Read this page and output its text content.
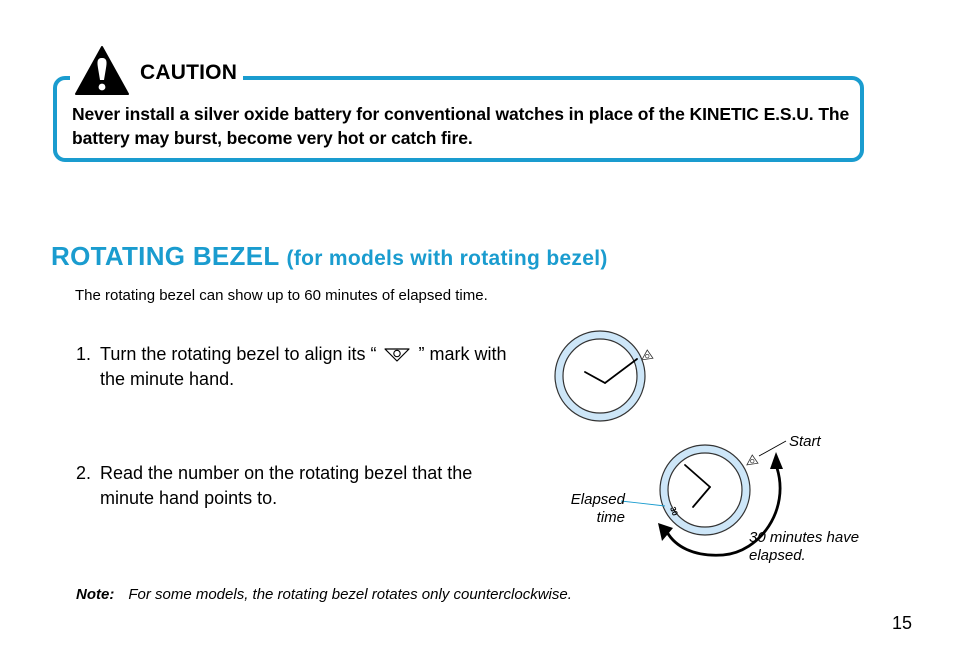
CAUTION
Never install a silver oxide battery for conventional watches in place of the KINETIC E.S.U. The battery may burst, become very hot or catch fire.
ROTATING BEZEL (for models with rotating bezel)
The rotating bezel can show up to 60 minutes of elapsed time.
1. Turn the rotating bezel to align its “ ” mark with the minute hand.
2. Read the number on the rotating bezel that the minute hand points to.
30
Start
Elapsed time
30 minutes have elapsed.
Note: For some models, the rotating bezel rotates only counterclockwise.
15
